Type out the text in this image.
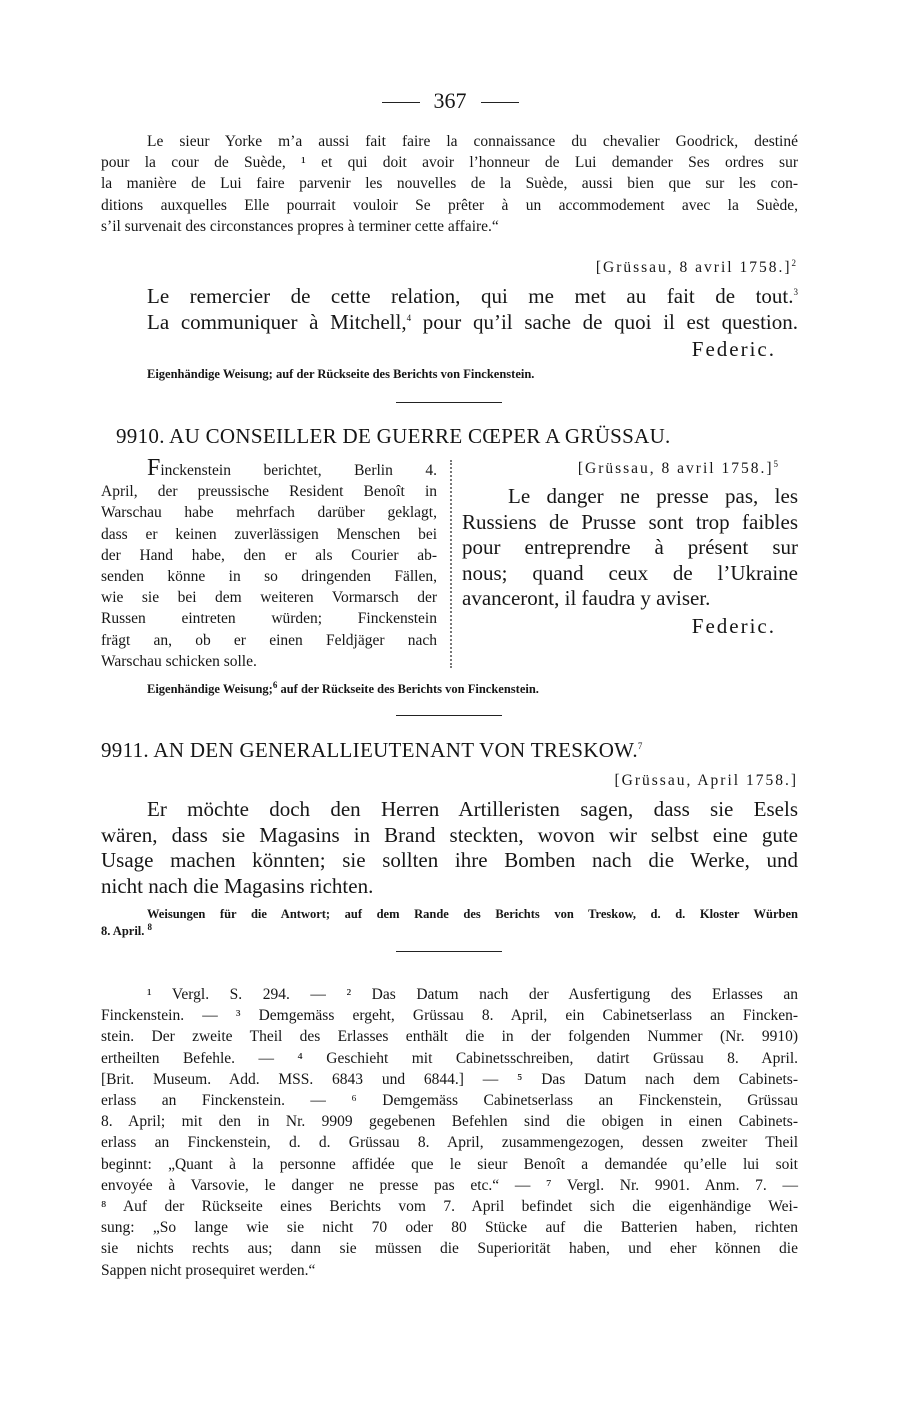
367
Le sieur Yorke m’a aussi fait faire la connaissance du chevalier Goodrick, destiné
pour la cour de Suède, ¹ et qui doit avoir l’honneur de Lui demander Ses ordres sur
la manière de Lui faire parvenir les nouvelles de la Suède, aussi bien que sur les con-
ditions auxquelles Elle pourrait vouloir Se prêter à un accommodement avec la Suède,
s’il survenait des circonstances propres à terminer cette affaire.“
[Grüssau, 8 avril 1758.]$^2$
Le remercier de cette relation, qui me met au fait de tout.$^3$
La communiquer à Mitchell,$^4$ pour qu’il sache de quoi il est question.
Federic.
Eigenhändige Weisung; auf der Rückseite des Berichts von Finckenstein.
9910. AU CONSEILLER DE GUERRE CŒPER A GRÜSSAU.
Finckenstein berichtet, Berlin 4.
April, der preussische Resident Benoît in
Warschau habe mehrfach darüber geklagt,
dass er keinen zuverlässigen Menschen bei
der Hand habe, den er als Courier ab-
senden könne in so dringenden Fällen,
wie sie bei dem weiteren Vormarsch der
Russen eintreten würden; Finckenstein
frägt an, ob er einen Feldjäger nach
Warschau schicken solle.
[Grüssau, 8 avril 1758.]$^5$
Le danger ne presse pas, les
Russiens de Prusse sont trop faibles
pour entreprendre à présent sur
nous; quand ceux de l’Ukraine
avanceront, il faudra y aviser.
Federic.
Eigenhändige Weisung;$^6$ auf der Rückseite des Berichts von Finckenstein.
9911. AN DEN GENERALLIEUTENANT VON TRESKOW.$^7$
[Grüssau, April 1758.]
Er möchte doch den Herren Artilleristen sagen, dass sie Esels
wären, dass sie Magasins in Brand steckten, wovon wir selbst eine gute
Usage machen könnten; sie sollten ihre Bomben nach die Werke, und
nicht nach die Magasins richten.
Weisungen für die Antwort; auf dem Rande des Berichts von Treskow, d. d. Kloster Würben
8. April. $^8$
¹ Vergl. S. 294. — ² Das Datum nach der Ausfertigung des Erlasses an
Finckenstein. — ³ Demgemäss ergeht, Grüssau 8. April, ein Cabinetserlass an Fincken-
stein. Der zweite Theil des Erlasses enthält die in der folgenden Nummer (Nr. 9910)
ertheilten Befehle. — ⁴ Geschieht mit Cabinetsschreiben, datirt Grüssau 8. April.
[Brit. Museum. Add. MSS. 6843 und 6844.] — ⁵ Das Datum nach dem Cabinets-
erlass an Finckenstein. — ⁶ Demgemäss Cabinetserlass an Finckenstein, Grüssau
8. April; mit den in Nr. 9909 gegebenen Befehlen sind die obigen in einen Cabinets-
erlass an Finckenstein, d. d. Grüssau 8. April, zusammengezogen, dessen zweiter Theil
beginnt: „Quant à la personne affidée que le sieur Benoît a demandée qu’elle lui soit
envoyée à Varsovie, le danger ne presse pas etc.“ — ⁷ Vergl. Nr. 9901. Anm. 7. —
⁸ Auf der Rückseite eines Berichts vom 7. April befindet sich die eigenhändige Wei-
sung: „So lange wie sie nicht 70 oder 80 Stücke auf die Batterien haben, richten
sie nichts rechts aus; dann sie müssen die Superiorität haben, und eher können die
Sappen nicht prosequiret werden.“
